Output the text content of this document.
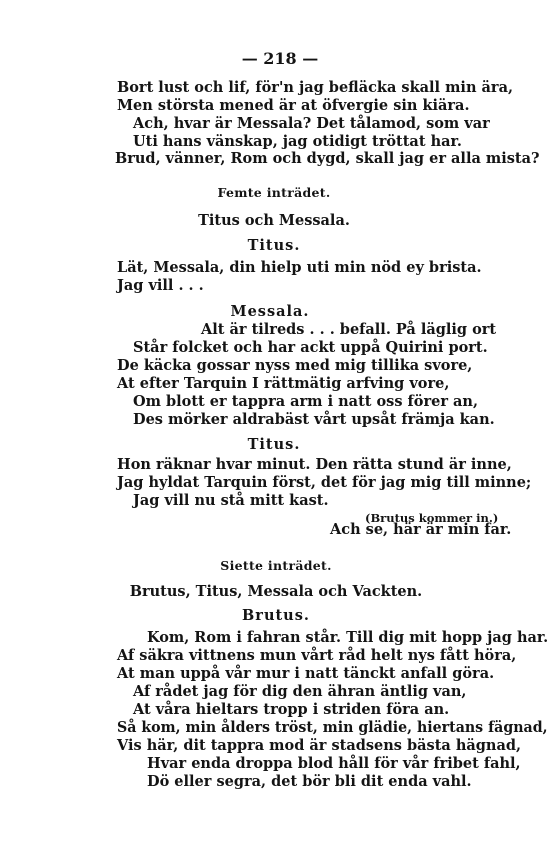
— 218 —
Bort lust och lif, för'n jag befläcka skall min ära,
Men största mened är at öfvergie sin kiära.
Ach, hvar är Messala? Det tålamod, som var
Uti hans vänskap, jag otidigt tröttat har.
Brud, vänner, Rom och dygd, skall jag er alla mista?
Femte inträdet.
Titus och Messala.
Titus.
Lät, Messala, din hielp uti min nöd ey brista.
Jag vill . . .
Messala.
Alt är tilreds . . . befall. På läglig ort
Står folcket och har ackt uppå Quirini port.
De käcka gossar nyss med mig tillika svore,
At efter Tarquin I rättmätig arfving vore,
Om blott er tappra arm i natt oss förer an,
Des mörker aldrabäst vårt upsåt främja kan.
Titus.
Hon räknar hvar minut. Den rätta stund är inne,
Jag hyldat Tarquin först, det för jag mig till minne;
Jag vill nu stå mitt kast.
(Brutus kommer in.)
Ach se, här är min far.
Siette inträdet.
Brutus, Titus, Messala och Vackten.
Brutus.
Kom, Rom i fahran står. Till dig mit hopp jag har.
Af säkra vittnens mun vårt råd helt nys fått höra,
At man uppå vår mur i natt tänckt anfall göra.
Af rådet jag för dig den ähran äntlig van,
At våra hieltars tropp i striden föra an.
Så kom, min ålders tröst, min glädie, hiertans fägnad,
Vis här, dit tappra mod är stadsens bästa hägnad,
Hvar enda droppa blod håll för vår fribet fahl,
Dö eller segra, det bör bli dit enda vahl.
